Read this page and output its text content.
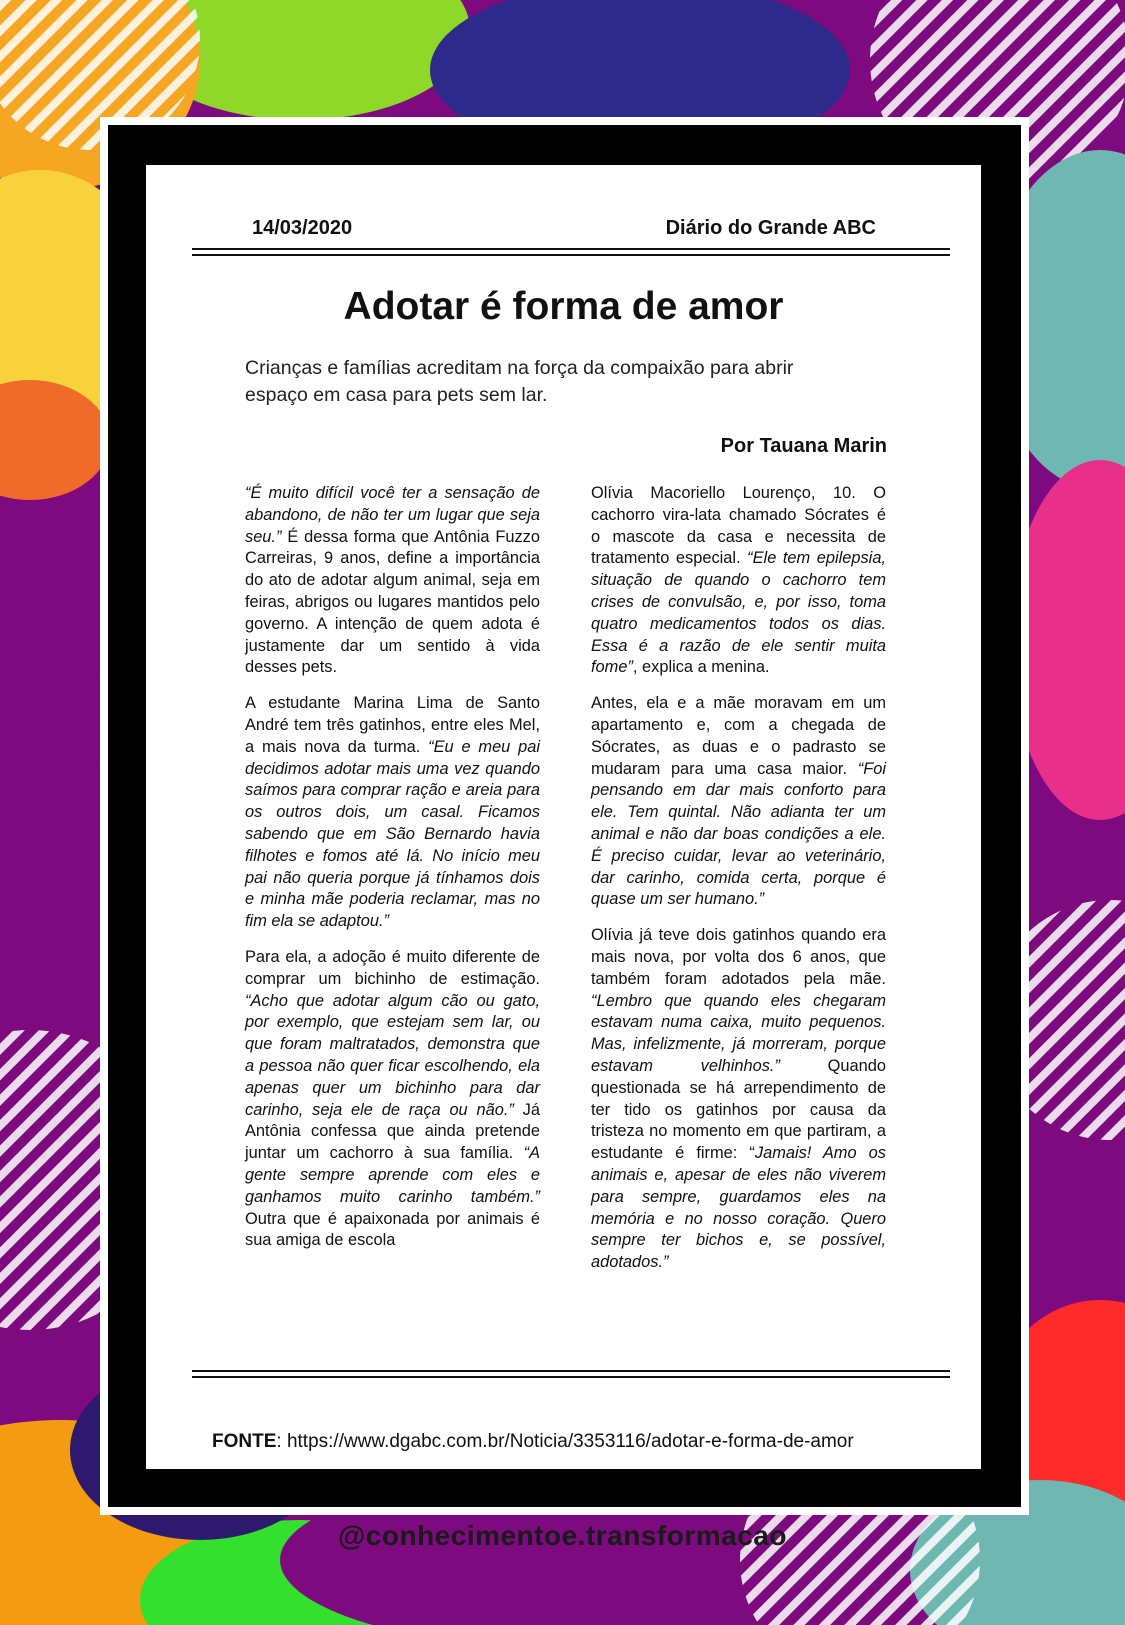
14/03/2020	Diário do Grande ABC
Adotar é forma de amor
Crianças e famílias acreditam na força da compaixão para abrir espaço em casa para pets sem lar.
Por Tauana Marin

“É muito difícil você ter a sensação de abandono, de não ter um lugar que seja seu.” É dessa forma que Antônia Fuzzo Carreiras, 9 anos, define a importância do ato de adotar algum animal, seja em feiras, abrigos ou lugares mantidos pelo governo. A intenção de quem adota é justamente dar um sentido à vida desses pets.

A estudante Marina Lima de Santo André tem três gatinhos, entre eles Mel, a mais nova da turma. “Eu e meu pai decidimos adotar mais uma vez quando saímos para comprar ração e areia para os outros dois, um casal. Ficamos sabendo que em São Bernardo havia filhotes e fomos até lá. No início meu pai não queria porque já tínhamos dois e minha mãe poderia reclamar, mas no fim ela se adaptou.”

Para ela, a adoção é muito diferente de comprar um bichinho de estimação. “Acho que adotar algum cão ou gato, por exemplo, que estejam sem lar, ou que foram maltratados, demonstra que a pessoa não quer ficar escolhendo, ela apenas quer um bichinho para dar carinho, seja ele de raça ou não.” Já Antônia confessa que ainda pretende juntar um cachorro à sua família. “A gente sempre aprende com eles e ganhamos muito carinho também.” Outra que é apaixonada por animais é sua amiga de escola

Olívia Macoriello Lourenço, 10. O cachorro vira-lata chamado Sócrates é o mascote da casa e necessita de tratamento especial. “Ele tem epilepsia, situação de quando o cachorro tem crises de convulsão, e, por isso, toma quatro medicamentos todos os dias. Essa é a razão de ele sentir muita fome”, explica a menina.

Antes, ela e a mãe moravam em um apartamento e, com a chegada de Sócrates, as duas e o padrasto se mudaram para uma casa maior. “Foi pensando em dar mais conforto para ele. Tem quintal. Não adianta ter um animal e não dar boas condições a ele. É preciso cuidar, levar ao veterinário, dar carinho, comida certa, porque é quase um ser humano.”

Olívia já teve dois gatinhos quando era mais nova, por volta dos 6 anos, que também foram adotados pela mãe. “Lembro que quando eles chegaram estavam numa caixa, muito pequenos. Mas, infelizmente, já morreram, porque estavam velhinhos.” Quando questionada se há arrependimento de ter tido os gatinhos por causa da tristeza no momento em que partiram, a estudante é firme: “Jamais! Amo os animais e, apesar de eles não viverem para sempre, guardamos eles na memória e no nosso coração. Quero sempre ter bichos e, se possível, adotados.”

FONTE: https://www.dgabc.com.br/Noticia/3353116/adotar-e-forma-de-amor
@conhecimentoe.transformacao
